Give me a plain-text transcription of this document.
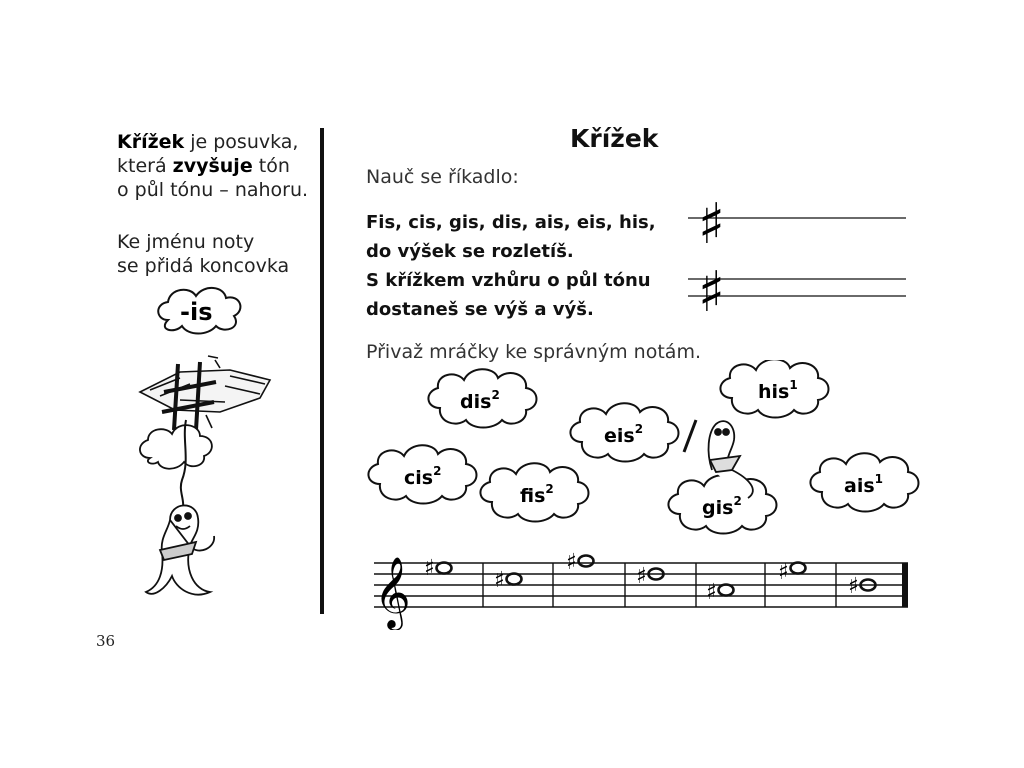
Křížek je posuvka,
která zvyšuje tón
o půl tónu – nahoru.
Ke jménu noty
se přidá koncovka
-is
Křížek
Nauč se říkadlo:
Fis, cis, gis, dis, ais, eis, his,
do výšek se rozletíš.
S křížkem vzhůru o půl tónu
dostaneš se výš a výš.
♯
♯
Přivaž mráčky ke správným notám.
dis$^2$	his$^1$
eis$^2$
cis$^2$
fis$^2$
gis$^2$
ais$^1$
𝄞 ♯	♯
♯
♯
♯
♯
♯
36
